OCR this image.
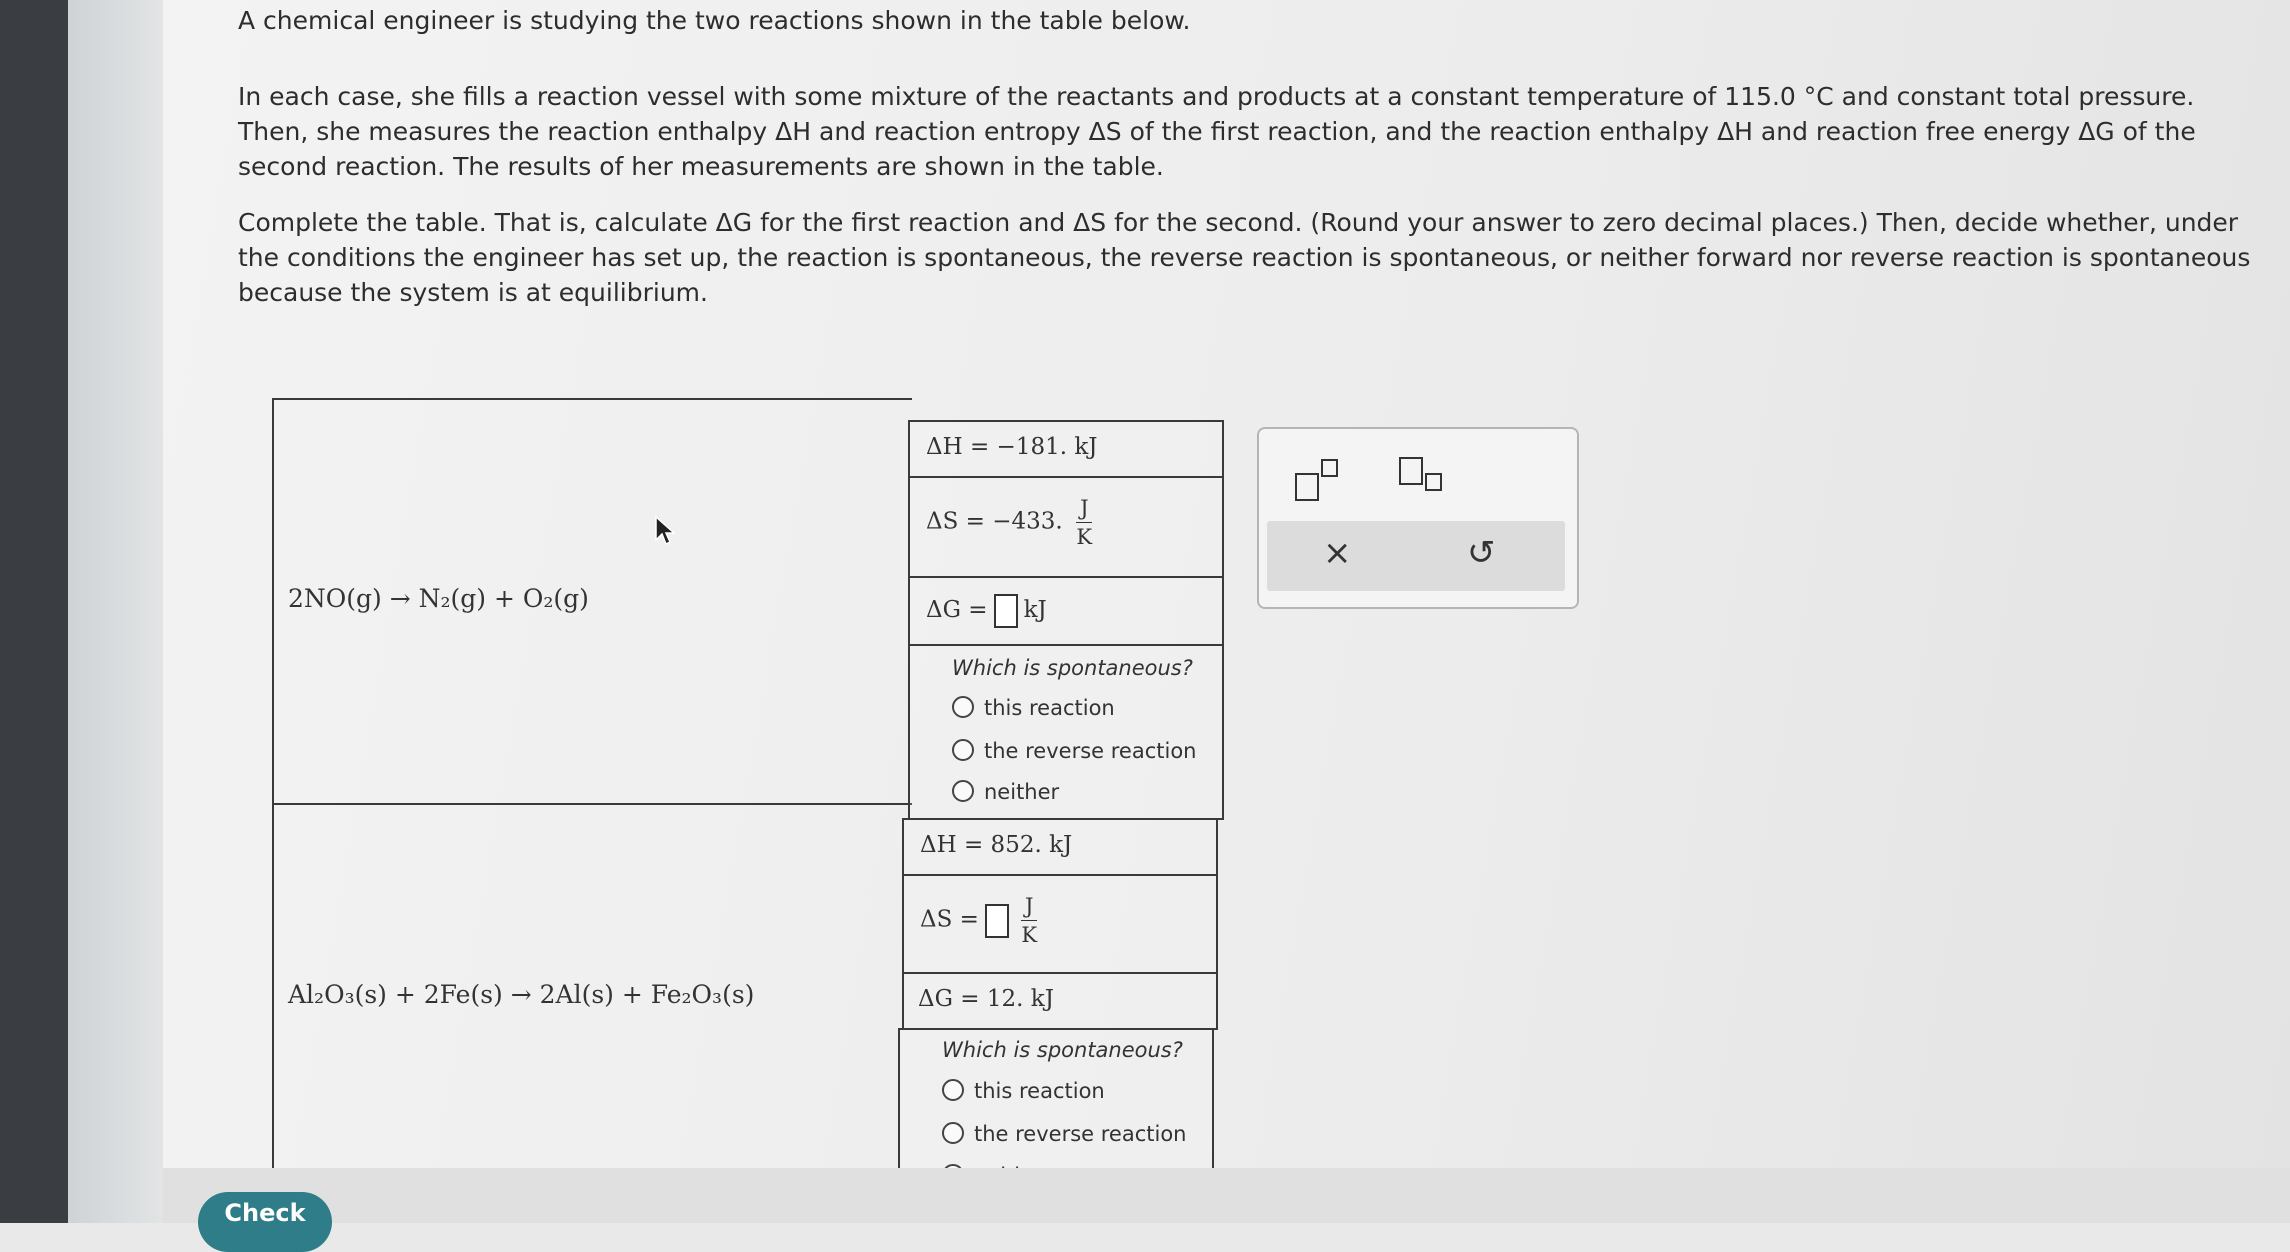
A chemical engineer is studying the two reactions shown in the table below.

In each case, she fills a reaction vessel with some mixture of the reactants and products at a constant temperature of 115.0 °C and constant total pressure.

Then, she measures the reaction enthalpy ΔH and reaction entropy ΔS of the first reaction, and the reaction enthalpy ΔH and reaction free energy ΔG of the

second reaction. The results of her measurements are shown in the table.

Complete the table. That is, calculate ΔG for the first reaction and ΔS for the second. (Round your answer to zero decimal places.) Then, decide whether, under

the conditions the engineer has set up, the reaction is spontaneous, the reverse reaction is spontaneous, or neither forward nor reverse reaction is spontaneous

because the system is at equilibrium.

2NO(g) → N₂(g) + O₂(g)
ΔH = −181. kJ
ΔS = −433. $\frac{J}{K}$
ΔG = kJ
Which is spontaneous?
this reaction
the reverse reaction
neither
Al₂O₃(s) + 2Fe(s) → 2Al(s) + Fe₂O₃(s)
ΔH = 852. kJ
$\Delta S = \frac{J}{K}$
ΔG = 12. kJ
Which is spontaneous?
this reaction
the reverse reaction
×	↺
Check
